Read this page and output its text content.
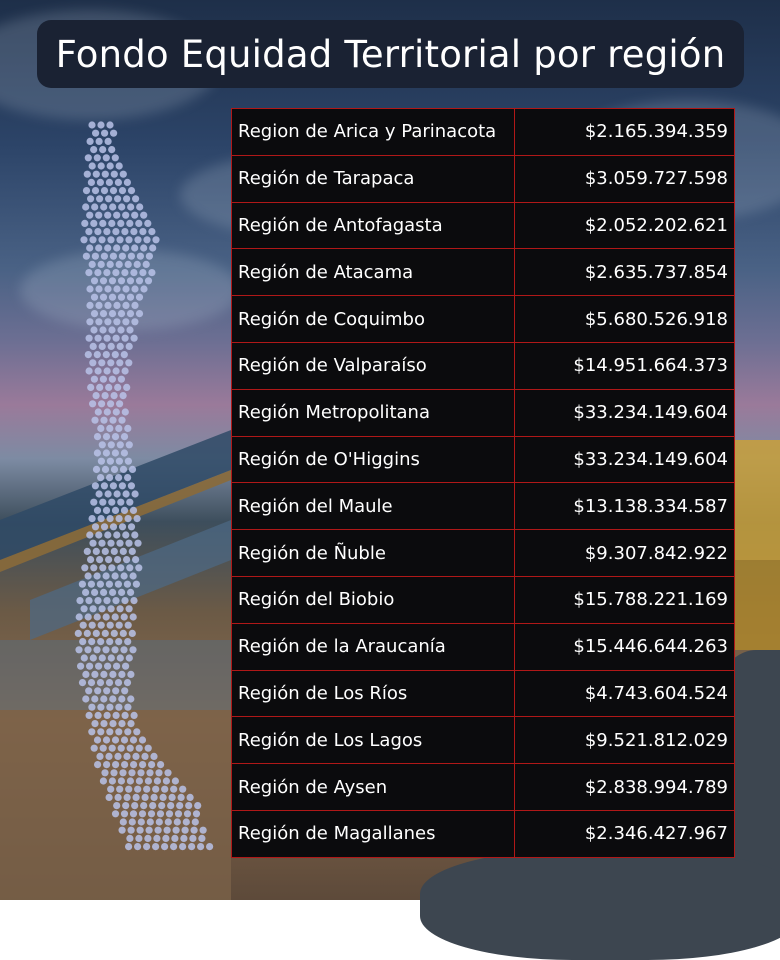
Fondo Equidad Territorial por región
Region de Arica y Parinacota	$2.165.394.359
Región de Tarapaca	$3.059.727.598
Región de Antofagasta	$2.052.202.621
Región de Atacama	$2.635.737.854
Región de Coquimbo	$5.680.526.918
Región de Valparaíso	$14.951.664.373
Región Metropolitana	$33.234.149.604
Región de O'Higgins	$33.234.149.604
Región del Maule	$13.138.334.587
Región de Ñuble	$9.307.842.922
Región del Biobio	$15.788.221.169
Región de la Araucanía	$15.446.644.263
Región de Los Ríos	$4.743.604.524
Región de Los Lagos	$9.521.812.029
Región de Aysen	$2.838.994.789
Región de Magallanes	$2.346.427.967
